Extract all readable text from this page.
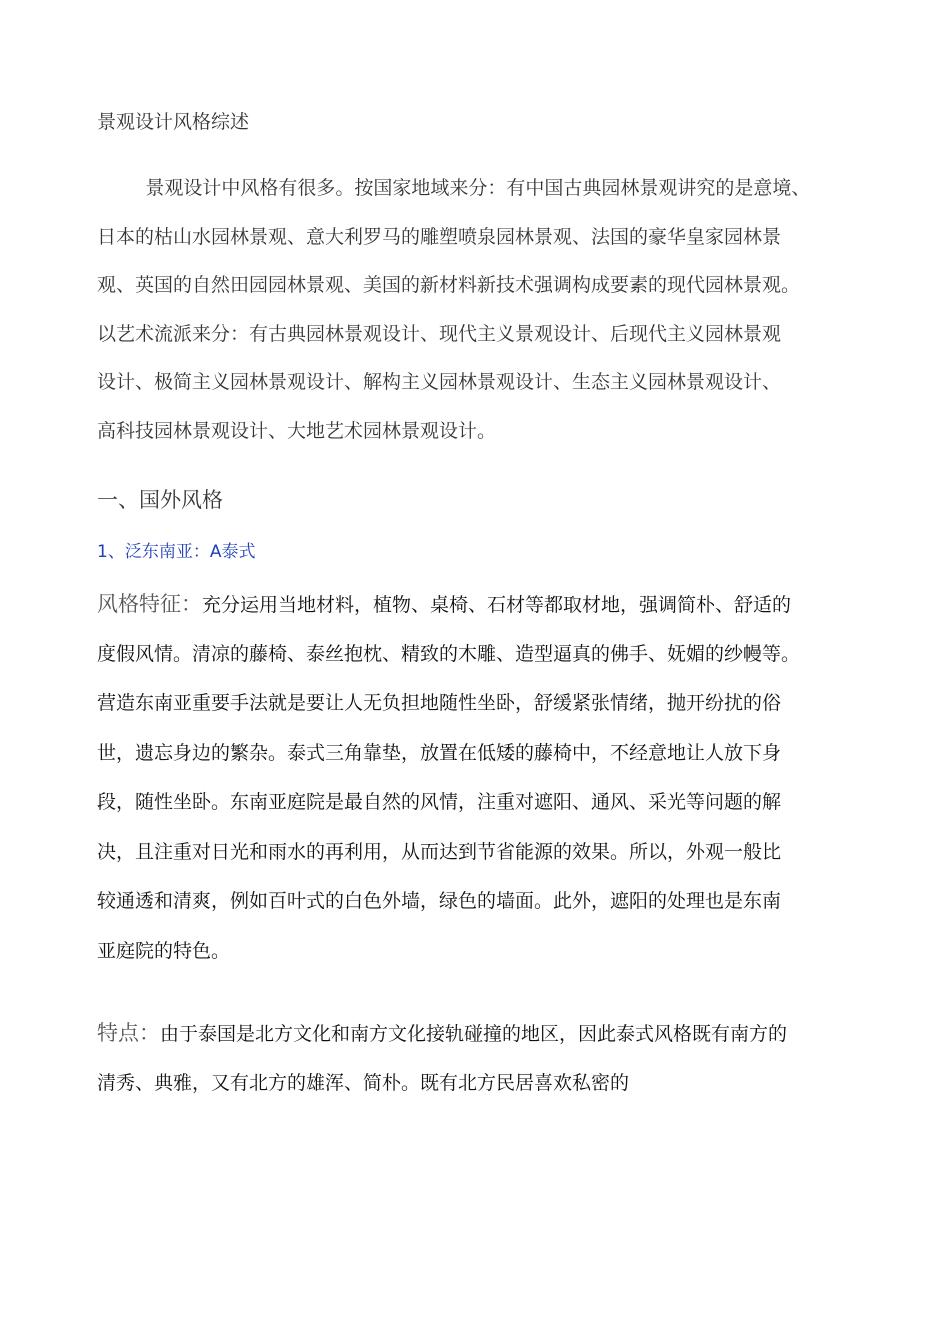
景观设计风格综述
景观设计中风格有很多。按国家地域来分：有中国古典园林景观讲究的是意境、
日本的枯山水园林景观、意大利罗马的雕塑喷泉园林景观、法国的豪华皇家园林景
观、英国的自然田园园林景观、美国的新材料新技术强调构成要素的现代园林景观。
以艺术流派来分：有古典园林景观设计、现代主义景观设计、后现代主义园林景观
设计、极简主义园林景观设计、解构主义园林景观设计、生态主义园林景观设计、
高科技园林景观设计、大地艺术园林景观设计。
一、国外风格
1、泛东南亚：A泰式
风格特征：充分运用当地材料，植物、桌椅、石材等都取材地，强调简朴、舒适的
度假风情。清凉的藤椅、泰丝抱枕、精致的木雕、造型逼真的佛手、妩媚的纱幔等。
营造东南亚重要手法就是要让人无负担地随性坐卧，舒缓紧张情绪，抛开纷扰的俗
世，遗忘身边的繁杂。泰式三角靠垫，放置在低矮的藤椅中，不经意地让人放下身
段，随性坐卧。东南亚庭院是最自然的风情，注重对遮阳、通风、采光等问题的解
决，且注重对日光和雨水的再利用，从而达到节省能源的效果。所以，外观一般比
较通透和清爽，例如百叶式的白色外墙，绿色的墙面。此外，遮阳的处理也是东南
亚庭院的特色。
特点：由于泰国是北方文化和南方文化接轨碰撞的地区，因此泰式风格既有南方的
清秀、典雅，又有北方的雄浑、简朴。既有北方民居喜欢私密的
